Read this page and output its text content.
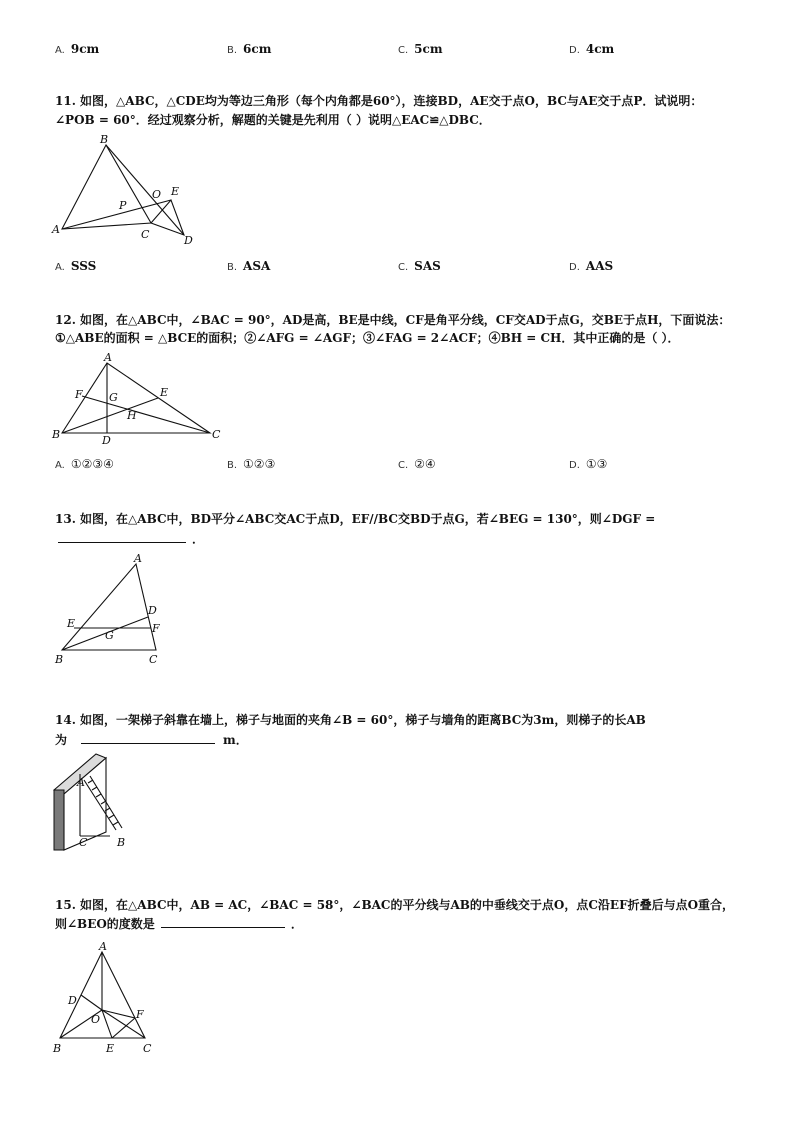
A. 9cm	B. 6cm	C. 5cm	D. 4cm
11. 如图，△ABC，△CDE均为等边三角形（每个内角都是60°），连接BD，AE交于点O，BC与AE交于点P．试说明：
∠POB = 60°．经过观察分析，解题的关键是先利用（ ）说明△EAC≌△DBC．
A
B
C	D
E
O
P
A. SSS	B. ASA	C. SAS	D. AAS
12. 如图，在△ABC中，∠BAC = 90°，AD是高，BE是中线，CF是角平分线，CF交AD于点G，交BE于点H，下面说法：
①△ABE的面积 = △BCE的面积；②∠AFG = ∠AGF；③∠FAG = 2∠ACF；④BH = CH．其中正确的是（ ）．
B
A
C
D
E
F G
H
A. ①②③④	B. ①②③	C. ②④	D. ①③
13. 如图，在△ABC中，BD平分∠ABC交AC于点D，EF//BC交BD于点G，若∠BEG = 130°，则∠DGF =
．
A
B	C
D
E	F
G
14. 如图，一架梯子斜靠在墙上，梯子与地面的夹角∠B = 60°，梯子与墙角的距离BC为3m，则梯子的长AB
为	m．
A
C	B
15. 如图，在△ABC中，AB = AC，∠BAC = 58°，∠BAC的平分线与AB的中垂线交于点O，点C沿EF折叠后与点O重合，
则∠BEO的度数是	．
A
B	C
D
E
F
O
